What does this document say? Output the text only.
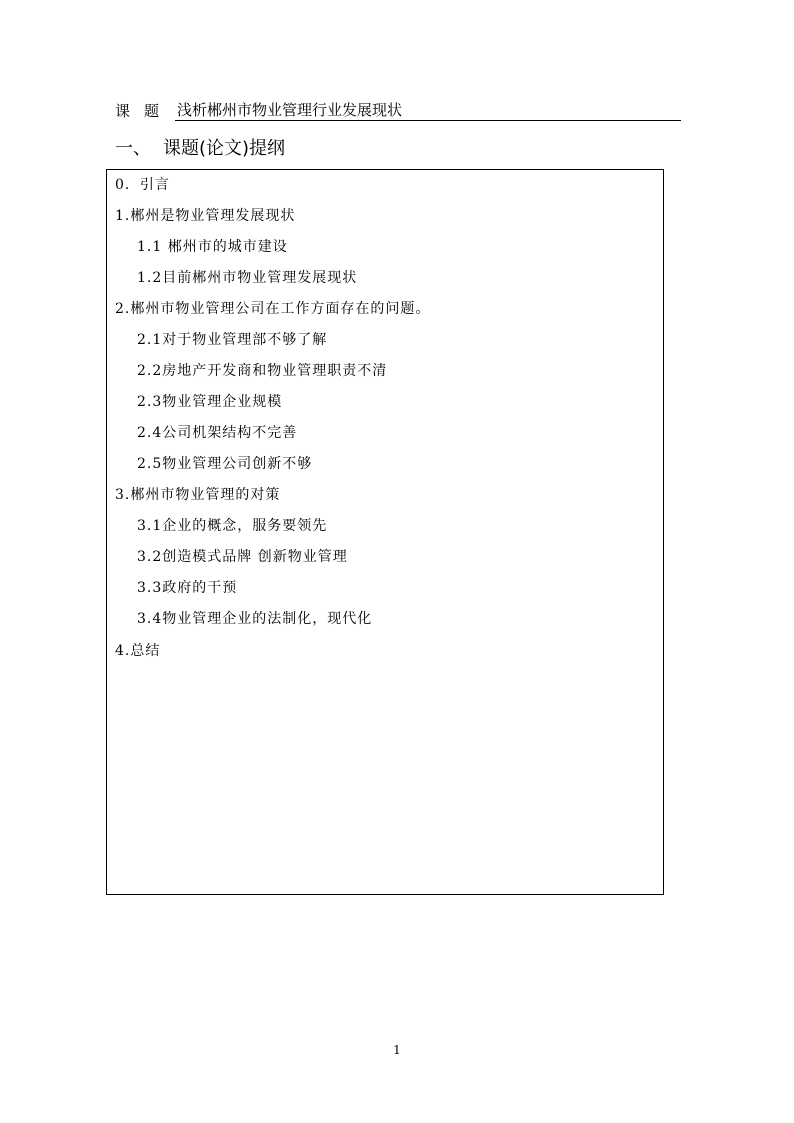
课题 浅析郴州市物业管理行业发展现状
一、 课题(论文)提纲
0．引言
1.郴州是物业管理发展现状
1.1 郴州市的城市建设
1.2目前郴州市物业管理发展现状
2.郴州市物业管理公司在工作方面存在的问题。
2.1对于物业管理部不够了解
2.2房地产开发商和物业管理职责不清
2.3物业管理企业规模
2.4公司机架结构不完善
2.5物业管理公司创新不够
3.郴州市物业管理的对策
3.1企业的概念，服务要领先
3.2创造模式品牌 创新物业管理
3.3政府的干预
3.4物业管理企业的法制化，现代化
4.总结
1
